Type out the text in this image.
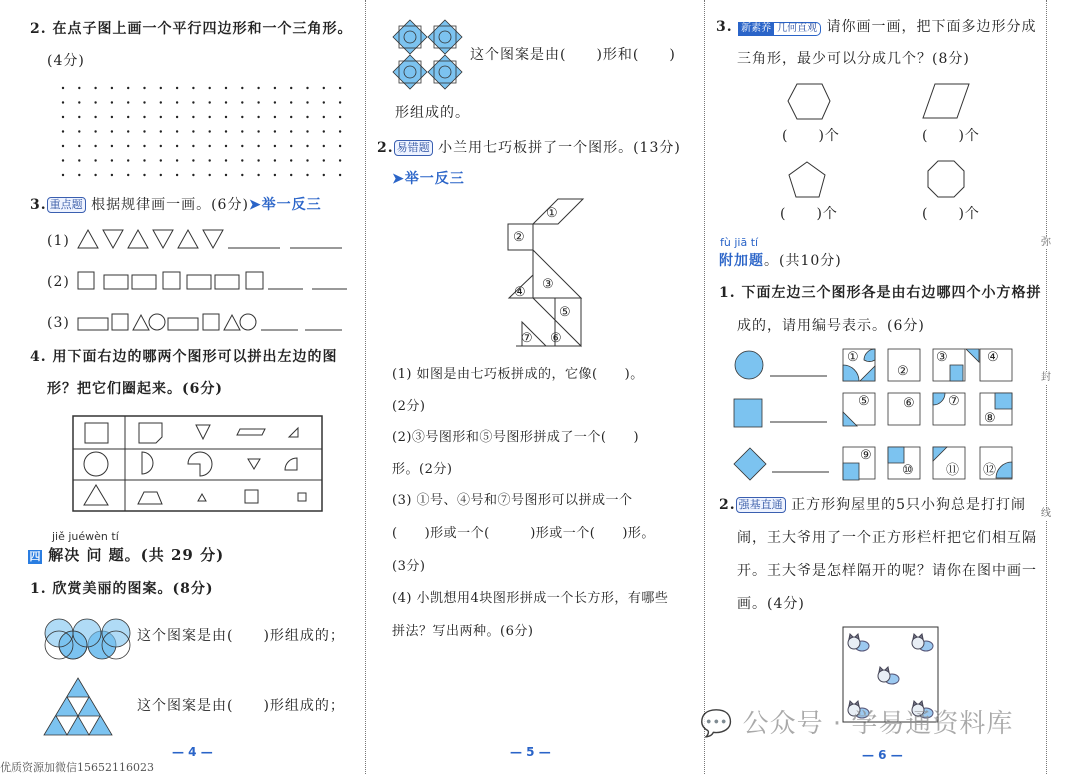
2. 在点子图上画一个平行四边形和一个三角形。
(4分)
3. 重点题 根据规律画一画。(6分)➤举一反三
(1)
(2)
(3)
4. 用下面右边的哪两个图形可以拼出左边的图
形？把它们圈起来。(6分)
jiě juéwèn tí
四 解决 问 题。(共 29 分)
1. 欣赏美丽的图案。(8分)
这个图案是由(　　)形组成的；
这个图案是由(　　)形组成的；
— 4 —
优质资源加微信15652116023
这个图案是由(　　)形和(　　)
形组成的。
2. 易错题 小兰用七巧板拼了一个图形。(13分)
➤举一反三
①
②
③
④
⑤
⑥
⑦
(1) 如图是由七巧板拼成的，它像(　　)。
(2分)
(2)③号图形和⑤号图形拼成了一个(　　)
形。(2分)
(3) ①号、④号和⑦号图形可以拼成一个
(　　)形或一个(　　　)形或一个(　　)形。
(3分)
(4) 小凯想用4块图形拼成一个长方形，有哪些
拼法？写出两种。(6分)
— 5 —
3. 新素养 几何直观 请你画一画，把下面多边形分成
三角形，最少可以分成几个？(8分)
(　　)个	(　　)个
(　　)个	(　　)个
fù jiā tí
附加题。(共10分)
1. 下面左边三个图形各是由右边哪四个小方格拼
成的，请用编号表示。(6分)
①
②
③	④
⑤	⑥	⑦
⑧
⑨
⑩ ⑪ ⑫
2. 强基直通 正方形狗屋里的5只小狗总是打打闹
闹，王大爷用了一个正方形栏杆把它们相互隔
开。王大爷是怎样隔开的呢？请你在图中画一
画。(4分)
💬 公众号 · 学易通资料库
— 6 —
弥
封
线
